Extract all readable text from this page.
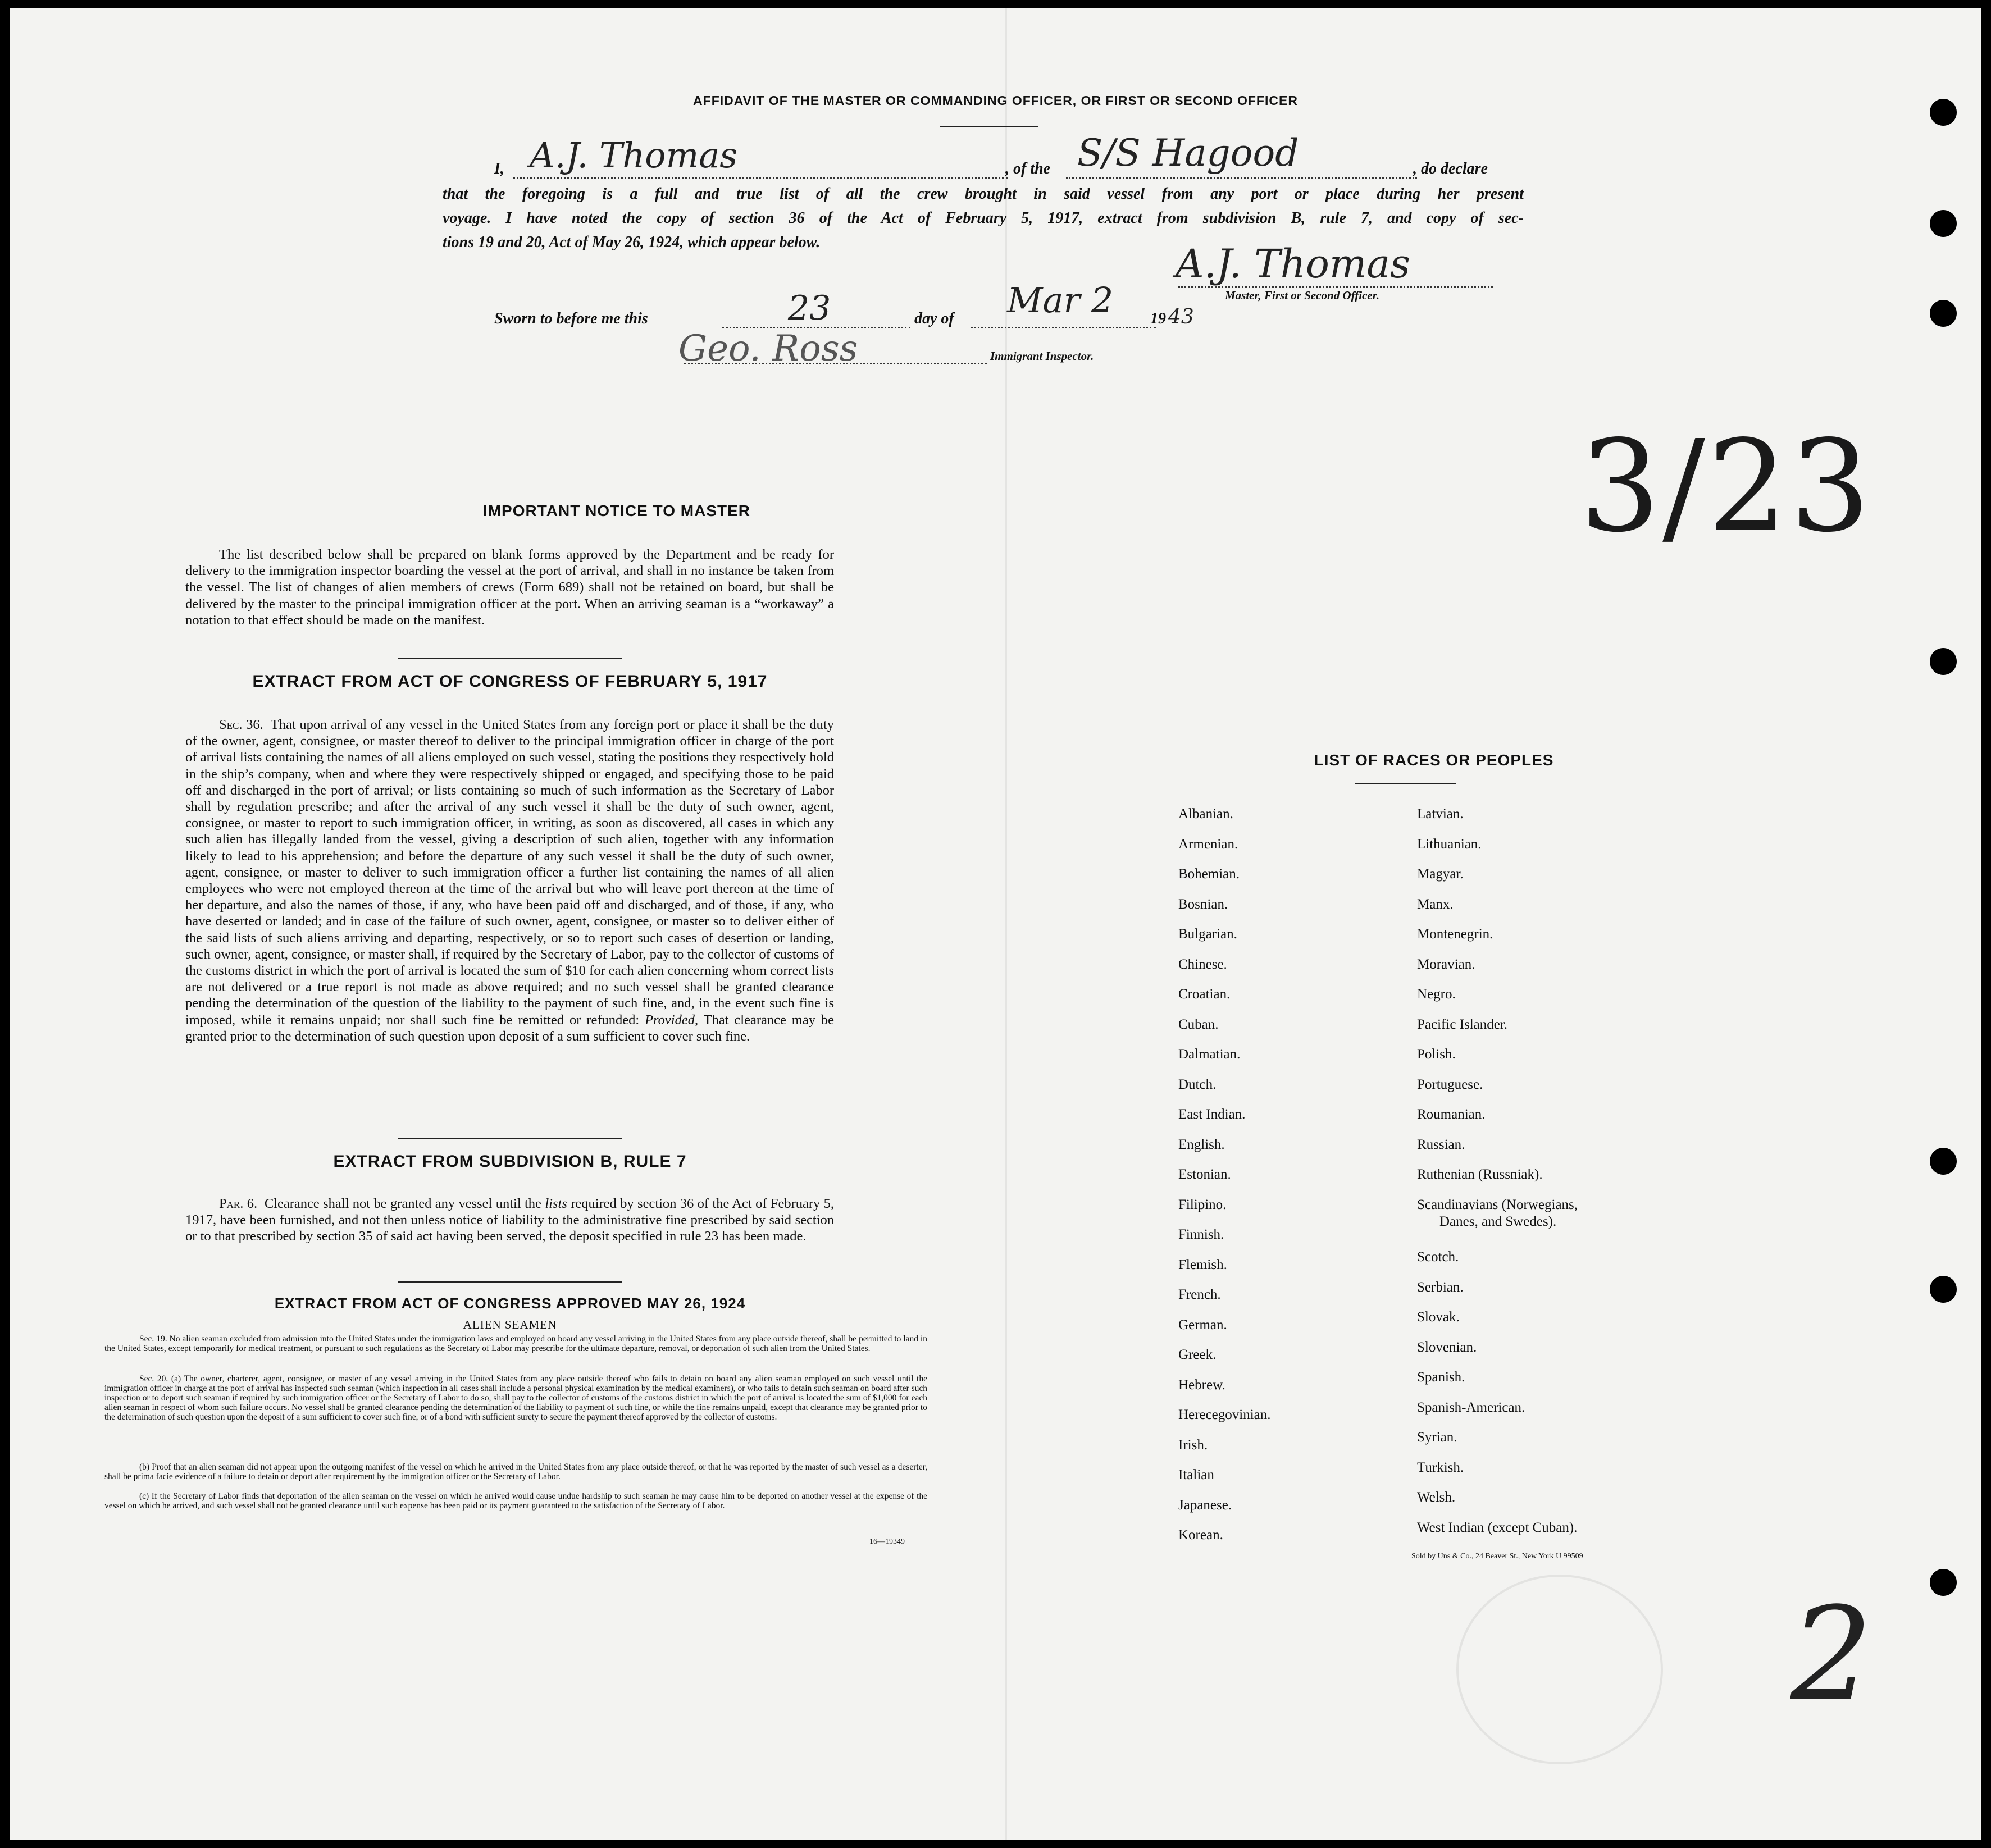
AFFIDAVIT OF THE MASTER OR COMMANDING OFFICER, OR FIRST OR SECOND OFFICER
I, A.J. Thomas	, of the S/S Hagood	, do declare
that the foregoing is a full and true list of all the crew brought in said vessel from any port or place during her present
voyage. I have noted the copy of section 36 of the Act of February 5, 1917, extract from subdivision B, rule 7, and copy of sec-
tions 19 and 20, Act of May 26, 1924, which appear below.	A.J. Thomas
Master, First or Second Officer.
Sworn to before me this	23	day of Mar 2 19 43
Geo. Ross	Immigrant Inspector.
3/23
IMPORTANT NOTICE TO MASTER
The list described below shall be prepared on blank forms approved by the Department and be ready for delivery to the immigration inspector boarding the vessel at the port of arrival, and shall in no instance be taken from the vessel. The list of changes of alien members of crews (Form 689) shall not be retained on board, but shall be delivered by the master to the principal immigration officer at the port. When an arriving seaman is a “workaway” a notation to that effect should be made on the manifest.
EXTRACT FROM ACT OF CONGRESS OF FEBRUARY 5, 1917
Sec. 36. That upon arrival of any vessel in the United States from any foreign port or place it shall be the duty of the owner, agent, consignee, or master thereof to deliver to the principal immigration officer in charge of the port of arrival lists containing the names of all aliens employed on such vessel, stating the positions they respectively hold in the ship’s company, when and where they were respectively shipped or engaged, and specifying those to be paid off and discharged in the port of arrival; or lists containing so much of such information as the Secretary of Labor shall by regulation prescribe; and after the arrival of any such vessel it shall be the duty of such owner, agent, consignee, or master to report to such immigration officer, in writing, as soon as discovered, all cases in which any such alien has illegally landed from the vessel, giving a description of such alien, together with any information likely to lead to his apprehension; and before the departure of any such vessel it shall be the duty of such owner, agent, consignee, or master to deliver to such immigration officer a further list containing the names of all alien employees who were not employed thereon at the time of the arrival but who will leave port thereon at the time of her departure, and also the names of those, if any, who have been paid off and discharged, and of those, if any, who have deserted or landed; and in case of the failure of such owner, agent, consignee, or master so to deliver either of the said lists of such aliens arriving and departing, respectively, or so to report such cases of desertion or landing, such owner, agent, consignee, or master shall, if required by the Secretary of Labor, pay to the collector of customs of the customs district in which the port of arrival is located the sum of $10 for each alien concerning whom correct lists are not delivered or a true report is not made as above required; and no such vessel shall be granted clearance pending the determination of the question of the liability to the payment of such fine, and, in the event such fine is imposed, while it remains unpaid; nor shall such fine be remitted or refunded: Provided, That clearance may be granted prior to the determination of such question upon deposit of a sum sufficient to cover such fine.
EXTRACT FROM SUBDIVISION B, RULE 7
Par. 6. Clearance shall not be granted any vessel until the lists required by section 36 of the Act of February 5, 1917, have been furnished, and not then unless notice of liability to the administrative fine prescribed by said section or to that prescribed by section 35 of said act having been served, the deposit specified in rule 23 has been made.
EXTRACT FROM ACT OF CONGRESS APPROVED MAY 26, 1924
ALIEN SEAMEN
Sec. 19. No alien seaman excluded from admission into the United States under the immigration laws and employed on board any vessel arriving in the United States from any place outside thereof, shall be permitted to land in the United States, except temporarily for medical treatment, or pursuant to such regulations as the Secretary of Labor may prescribe for the ultimate departure, removal, or deportation of such alien from the United States.
Sec. 20. (a) The owner, charterer, agent, consignee, or master of any vessel arriving in the United States from any place outside thereof who fails to detain on board any alien seaman employed on such vessel until the immigration officer in charge at the port of arrival has inspected such seaman (which inspection in all cases shall include a personal physical examination by the medical examiners), or who fails to detain such seaman on board after such inspection or to deport such seaman if required by such immigration officer or the Secretary of Labor to do so, shall pay to the collector of customs of the customs district in which the port of arrival is located the sum of $1,000 for each alien seaman in respect of whom such failure occurs. No vessel shall be granted clearance pending the determination of the liability to payment of such fine, or while the fine remains unpaid, except that clearance may be granted prior to the determination of such question upon the deposit of a sum sufficient to cover such fine, or of a bond with sufficient surety to secure the payment thereof approved by the collector of customs.
(b) Proof that an alien seaman did not appear upon the outgoing manifest of the vessel on which he arrived in the United States from any place outside thereof, or that he was reported by the master of such vessel as a deserter, shall be prima facie evidence of a failure to detain or deport after requirement by the immigration officer or the Secretary of Labor.
(c) If the Secretary of Labor finds that deportation of the alien seaman on the vessel on which he arrived would cause undue hardship to such seaman he may cause him to be deported on another vessel at the expense of the vessel on which he arrived, and such vessel shall not be granted clearance until such expense has been paid or its payment guaranteed to the satisfaction of the Secretary of Labor.
16—19349
LIST OF RACES OR PEOPLES
Albanian.
Armenian.
Bohemian.
Bosnian.
Bulgarian.
Chinese.
Croatian.
Cuban.
Dalmatian.
Dutch.
East Indian.
English.
Estonian.
Filipino.
Finnish.
Flemish.
French.
German.
Greek.
Hebrew.
Herecegovinian.
Irish.
Italian
Japanese.
Korean.
Latvian.
Lithuanian.
Magyar.
Manx.
Montenegrin.
Moravian.
Negro.
Pacific Islander.
Polish.
Portuguese.
Roumanian.
Russian.
Ruthenian (Russniak).
Scandinavians (Norwegians,
Danes, and Swedes).
Scotch.
Serbian.
Slovak.
Slovenian.
Spanish.
Spanish-American.
Syrian.
Turkish.
Welsh.
West Indian (except Cuban).
Sold by Uns & Co., 24 Beaver St., New York U 99509
2
